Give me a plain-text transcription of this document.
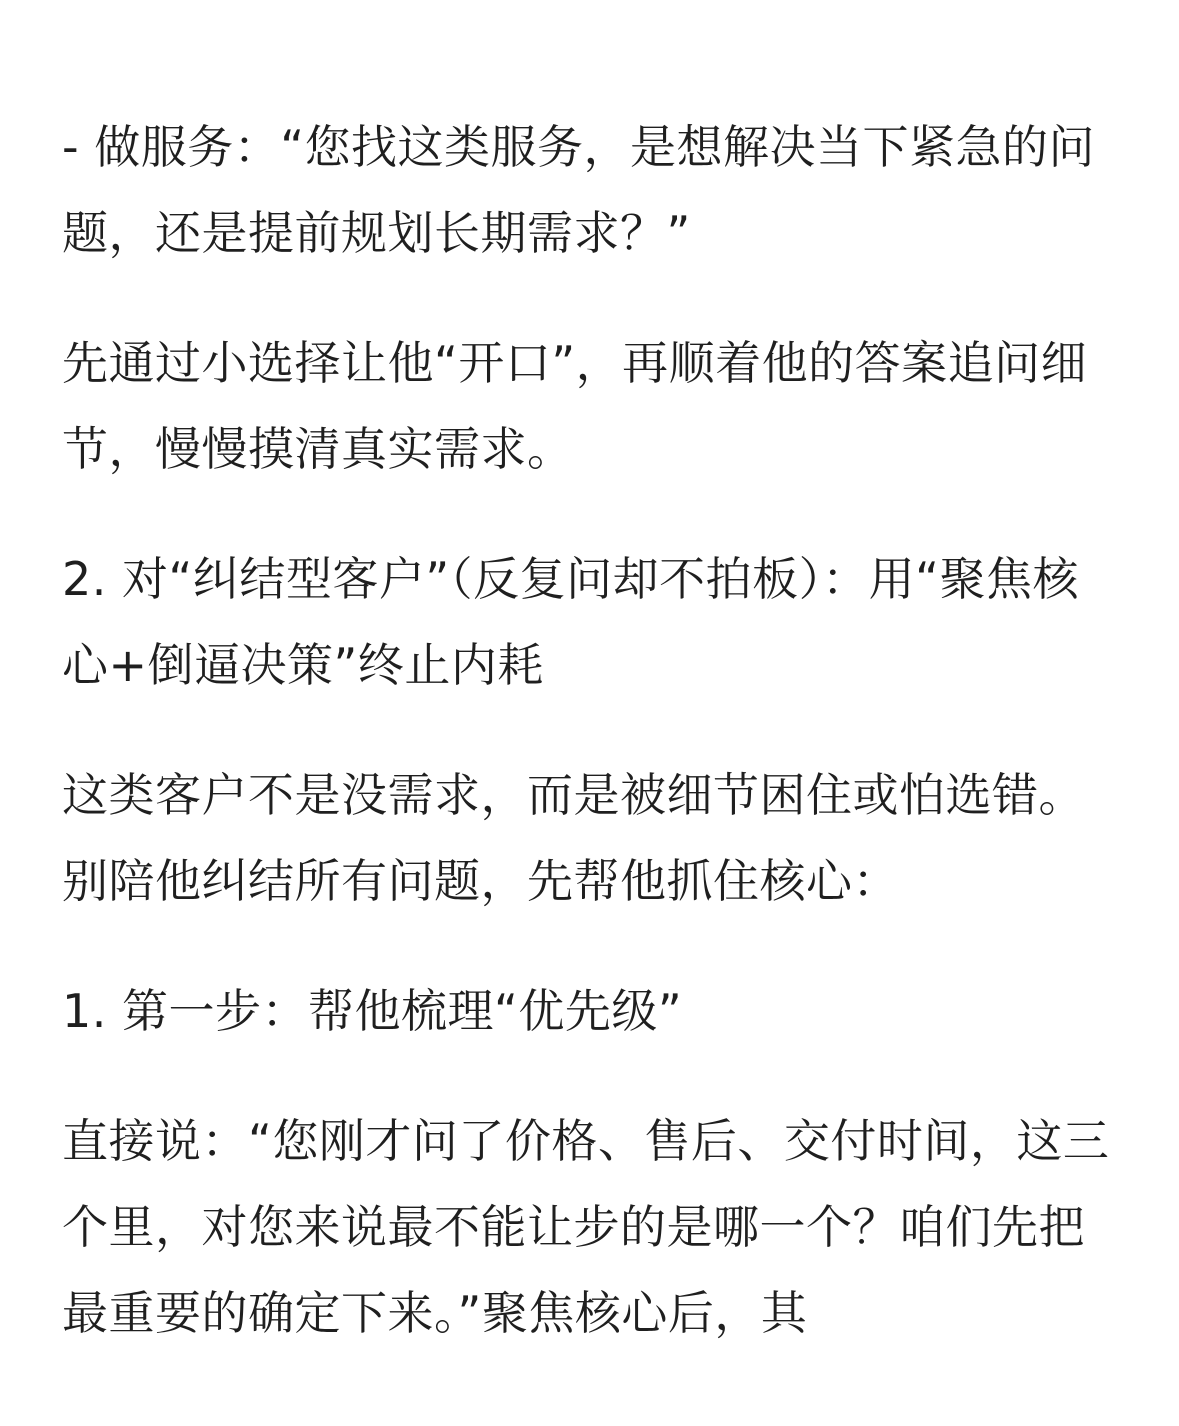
- 做服务：“您找这类服务，是想解决当下紧急的问题，还是提前规划长期需求？”

先通过小选择让他“开口”，再顺着他的答案追问细节，慢慢摸清真实需求。

2. 对“纠结型客户”（反复问却不拍板）：用“聚焦核心+倒逼决策”终止内耗

这类客户不是没需求，而是被细节困住或怕选错。别陪他纠结所有问题，先帮他抓住核心：

1. 第一步：帮他梳理“优先级”

直接说：“您刚才问了价格、售后、交付时间，这三个里，对您来说最不能让步的是哪一个？咱们先把最重要的确定下来。”聚焦核心后，其
